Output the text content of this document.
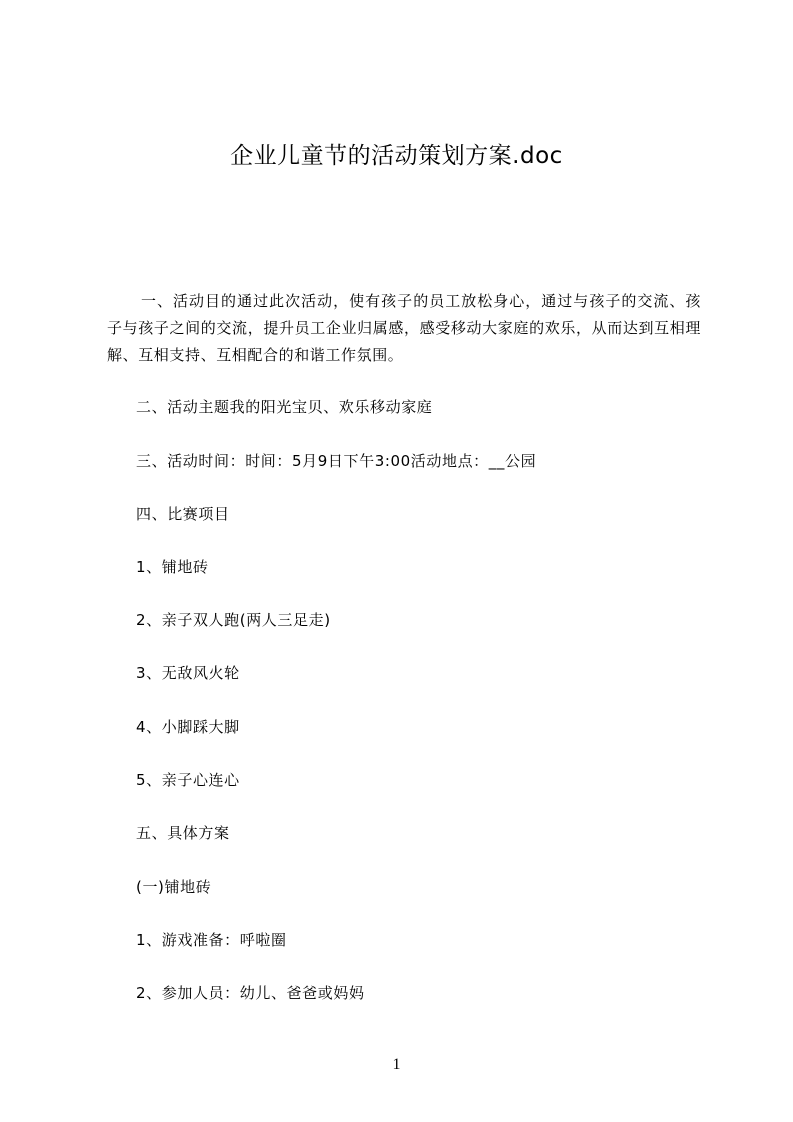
企业儿童节的活动策划方案.doc
一、活动目的通过此次活动，使有孩子的员工放松身心，通过与孩子的交流、孩子与孩子之间的交流，提升员工企业归属感，感受移动大家庭的欢乐，从而达到互相理解、互相支持、互相配合的和谐工作氛围。
二、活动主题我的阳光宝贝、欢乐移动家庭
三、活动时间：时间：5月9日下午3:00活动地点：__公园
四、比赛项目
1、铺地砖
2、亲子双人跑(两人三足走)
3、无敌风火轮
4、小脚踩大脚
5、亲子心连心
五、具体方案
(一)铺地砖
1、游戏准备：呼啦圈
2、参加人员：幼儿、爸爸或妈妈
1
